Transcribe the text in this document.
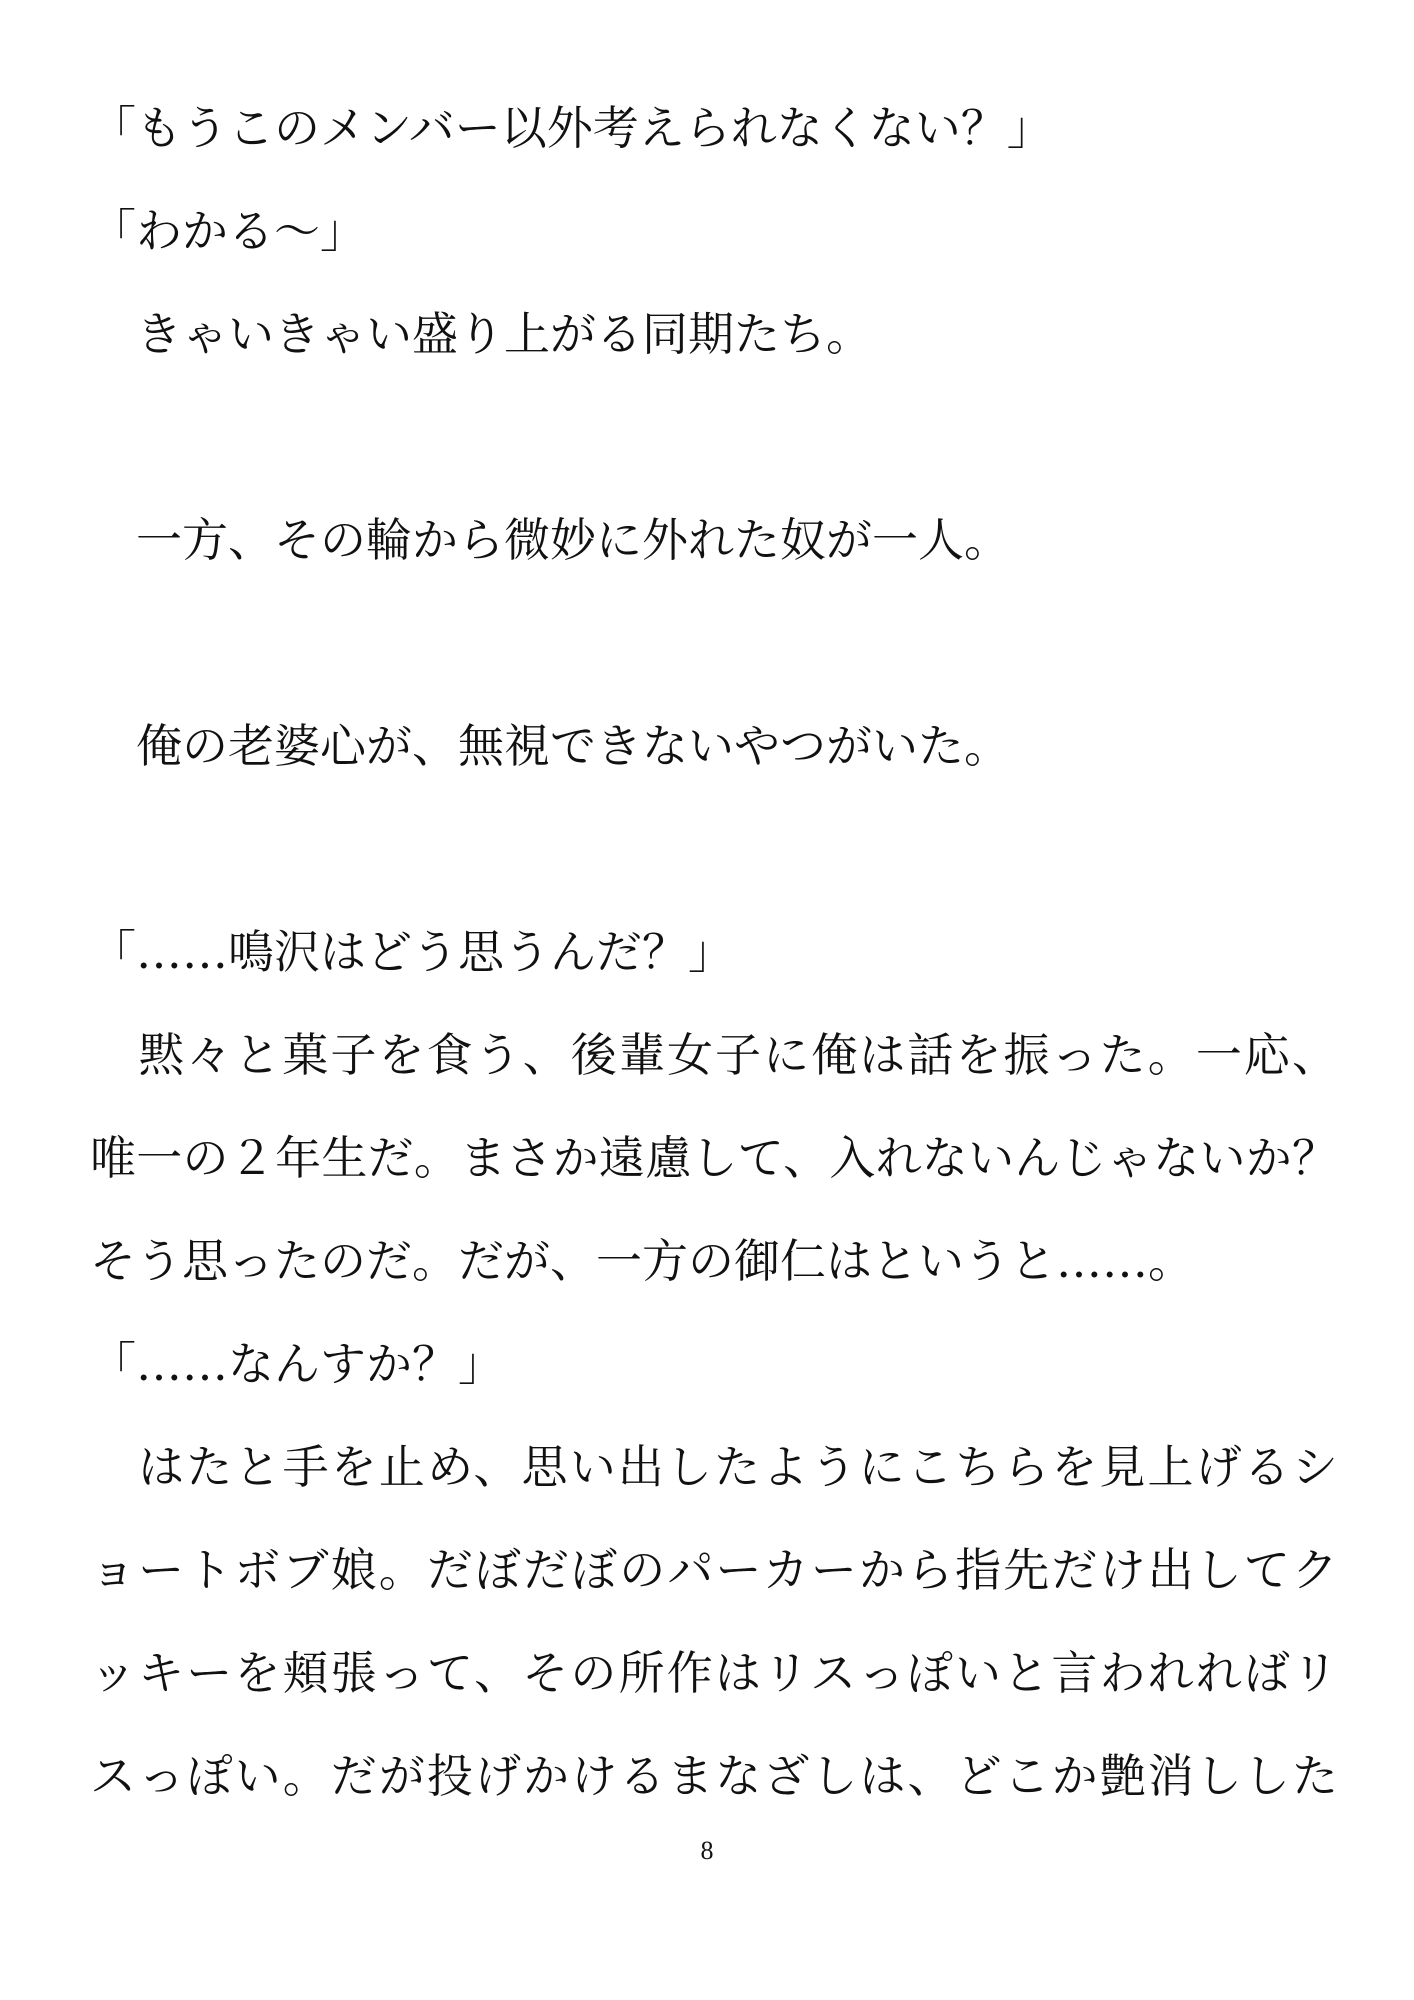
「もうこのメンバー以外考えられなくない？」
「わかる～」
　きゃいきゃい盛り上がる同期たち。
　一方、その輪から微妙に外れた奴が一人。
　俺の老婆心が、無視できないやつがいた。
「……鳴沢はどう思うんだ？」
　黙々と菓子を食う、後輩女子に俺は話を振った。一応、
唯一の２年生だ。まさか遠慮して、入れないんじゃないか？
そう思ったのだ。だが、一方の御仁はというと……。
「……なんすか？」
　はたと手を止め、思い出したようにこちらを見上げるシ
ョートボブ娘。だぼだぼのパーカーから指先だけ出してク
ッキーを頬張って、その所作はリスっぽいと言われればリ
スっぽい。だが投げかけるまなざしは、どこか艶消しした
8
